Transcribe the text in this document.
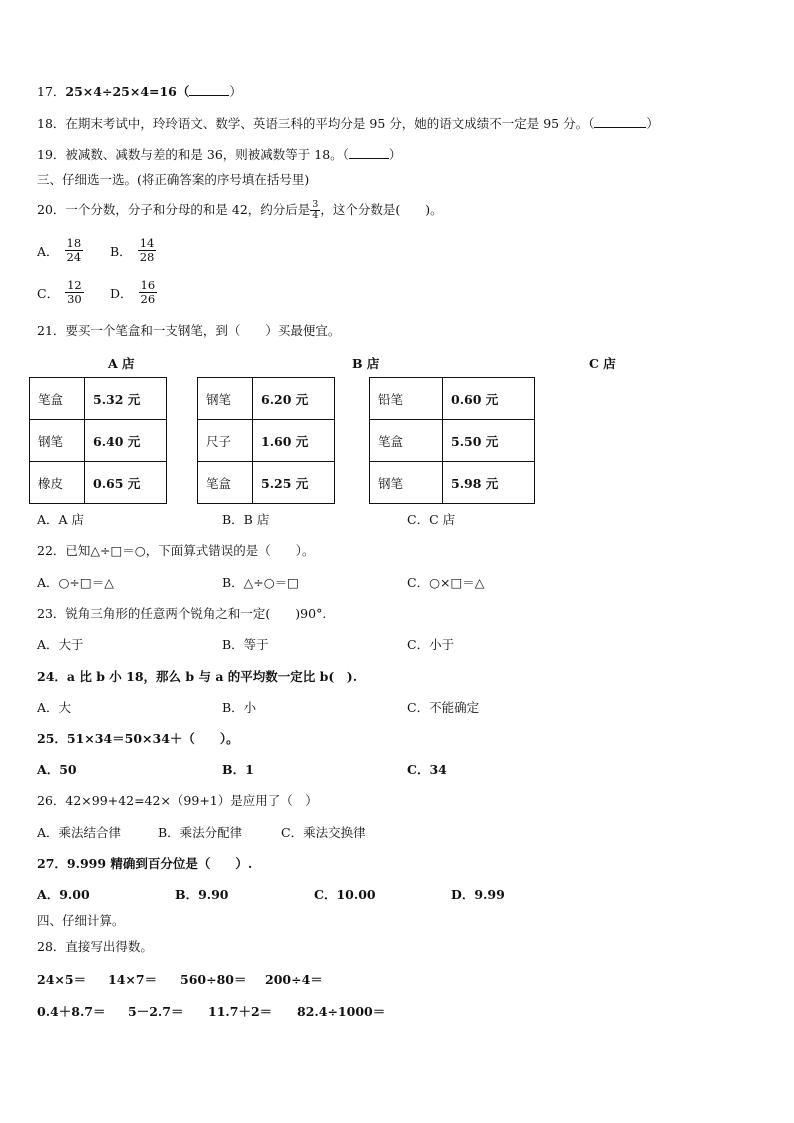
17．25×4÷25×4=16（	）
18．在期末考试中，玲玲语文、数学、英语三科的平均分是 95 分，她的语文成绩不一定是 95 分。（	）
19．被减数、减数与差的和是 36，则被减数等于 18。（	）
三、仔细选一选。(将正确答案的序号填在括号里)
20．一个分数，分子和分母的和是 42，约分后是 $\frac{3}{4}$ ，这个分数是(　　)。
A． $\frac{18}{24}$ B． $\frac{14}{28}$
C． $\frac{12}{30}$ D． $\frac{16}{26}$
21．要买一个笔盒和一支钢笔，到（　　）买最便宜。
A 店	B 店	C 店
笔盒	5.32 元
钢笔	6.40 元
橡皮	0.65 元
钢笔	6.20 元
尺子	1.60 元
笔盒	5.25 元
铅笔	0.60 元
笔盒	5.50 元
钢笔	5.98 元
A．A 店	B．B 店	C．C 店
22．已知△÷□＝○，下面算式错误的是（　　）。
A．○÷□＝△	B．△÷○＝□	C．○×□＝△
23．锐角三角形的任意两个锐角之和一定(　　)90°.
A．大于	B．等于	C．小于
24．a 比 b 小 18，那么 b 与 a 的平均数一定比 b(　).
A．大	B．小	C．不能确定
25．51×34＝50×34＋（　　）。
A．50	B．1	C．34
26．42×99+42=42×（99+1）是应用了（　）
A．乘法结合律	B．乘法分配律	C．乘法交换律
27．9.999 精确到百分位是（　　）.
A．9.00	B．9.90	C．10.00	D．9.99
四、仔细计算。
28．直接写出得数。
24×5＝ 14×7＝ 560÷80＝ 200÷4＝
0.4＋8.7＝ 5－2.7＝ 11.7＋2＝ 82.4÷1000＝
